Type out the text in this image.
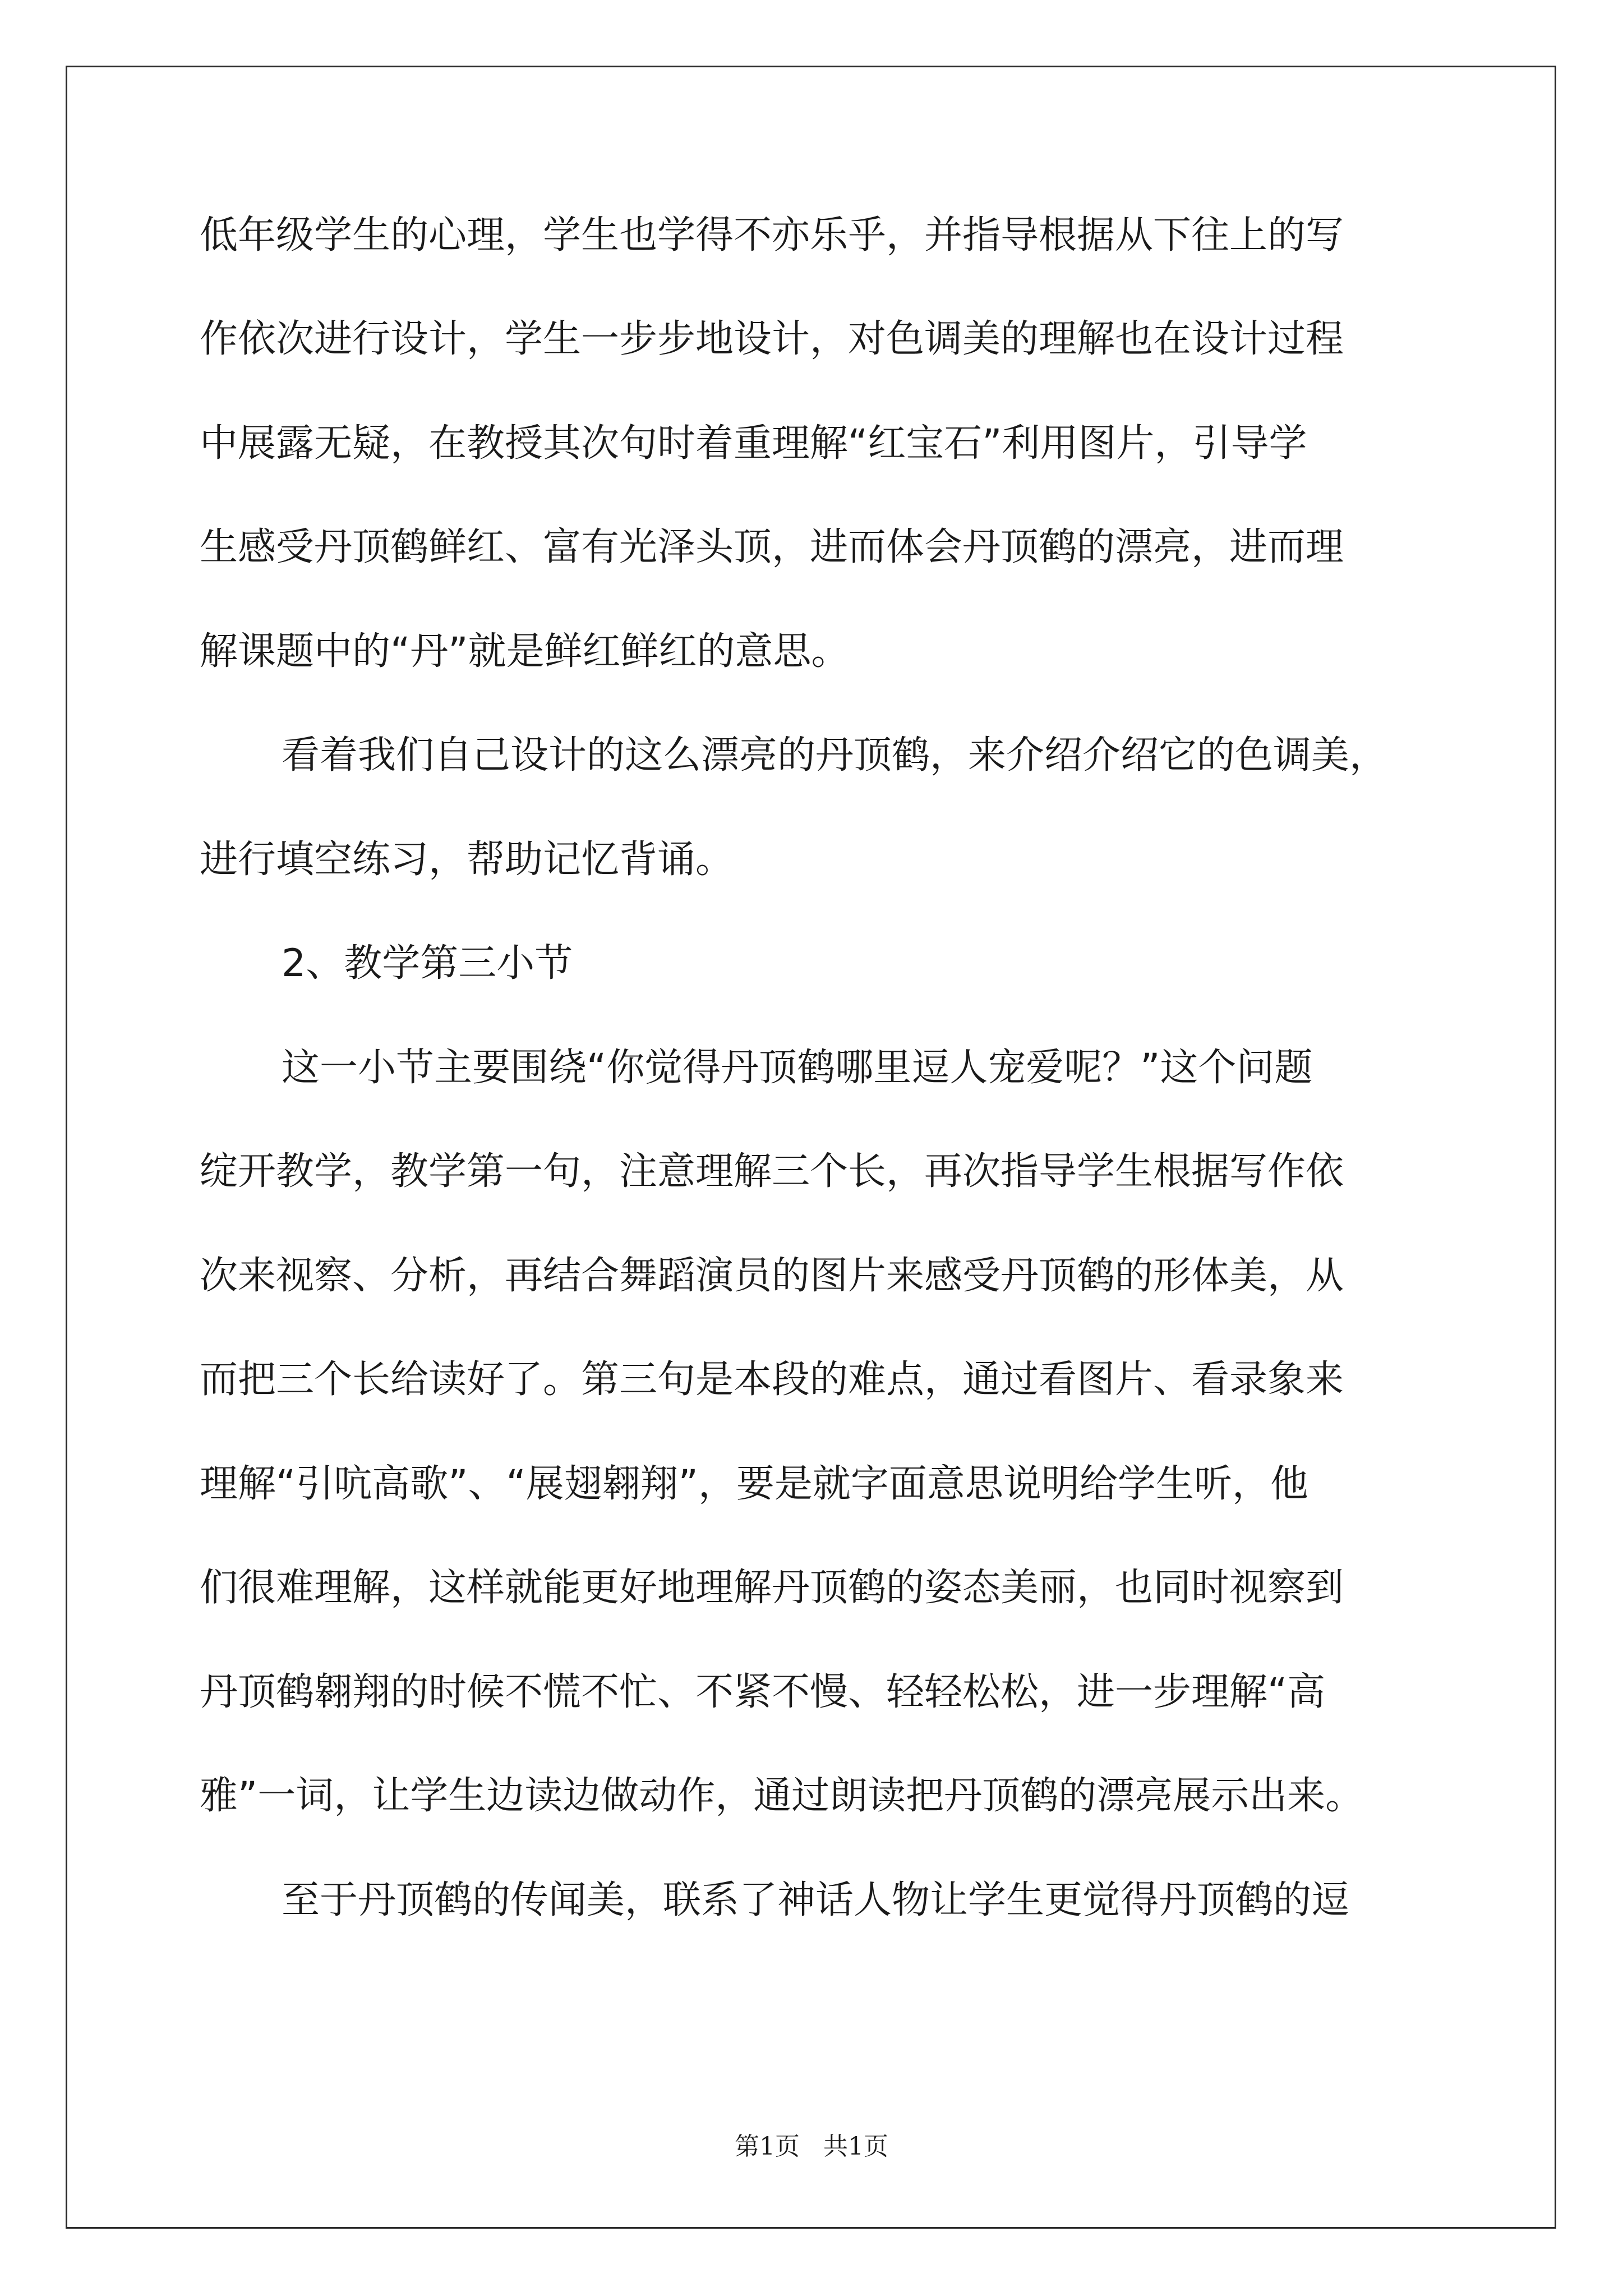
低年级学生的心理，学生也学得不亦乐乎，并指导根据从下往上的写
作依次进行设计，学生一步步地设计，对色调美的理解也在设计过程
中展露无疑，在教授其次句时着重理解“红宝石”利用图片，引导学
生感受丹顶鹤鲜红、富有光泽头顶，进而体会丹顶鹤的漂亮，进而理
解课题中的“丹”就是鲜红鲜红的意思。
看着我们自己设计的这么漂亮的丹顶鹤，来介绍介绍它的色调美，
进行填空练习，帮助记忆背诵。
2、教学第三小节
这一小节主要围绕“你觉得丹顶鹤哪里逗人宠爱呢？”这个问题
绽开教学，教学第一句，注意理解三个长，再次指导学生根据写作依
次来视察、分析，再结合舞蹈演员的图片来感受丹顶鹤的形体美，从
而把三个长给读好了。第三句是本段的难点，通过看图片、看录象来
理解“引吭高歌”、“展翅翱翔”，要是就字面意思说明给学生听，他
们很难理解，这样就能更好地理解丹顶鹤的姿态美丽，也同时视察到
丹顶鹤翱翔的时候不慌不忙、不紧不慢、轻轻松松，进一步理解“高
雅”一词，让学生边读边做动作，通过朗读把丹顶鹤的漂亮展示出来。
至于丹顶鹤的传闻美，联系了神话人物让学生更觉得丹顶鹤的逗
第1页   共1页
